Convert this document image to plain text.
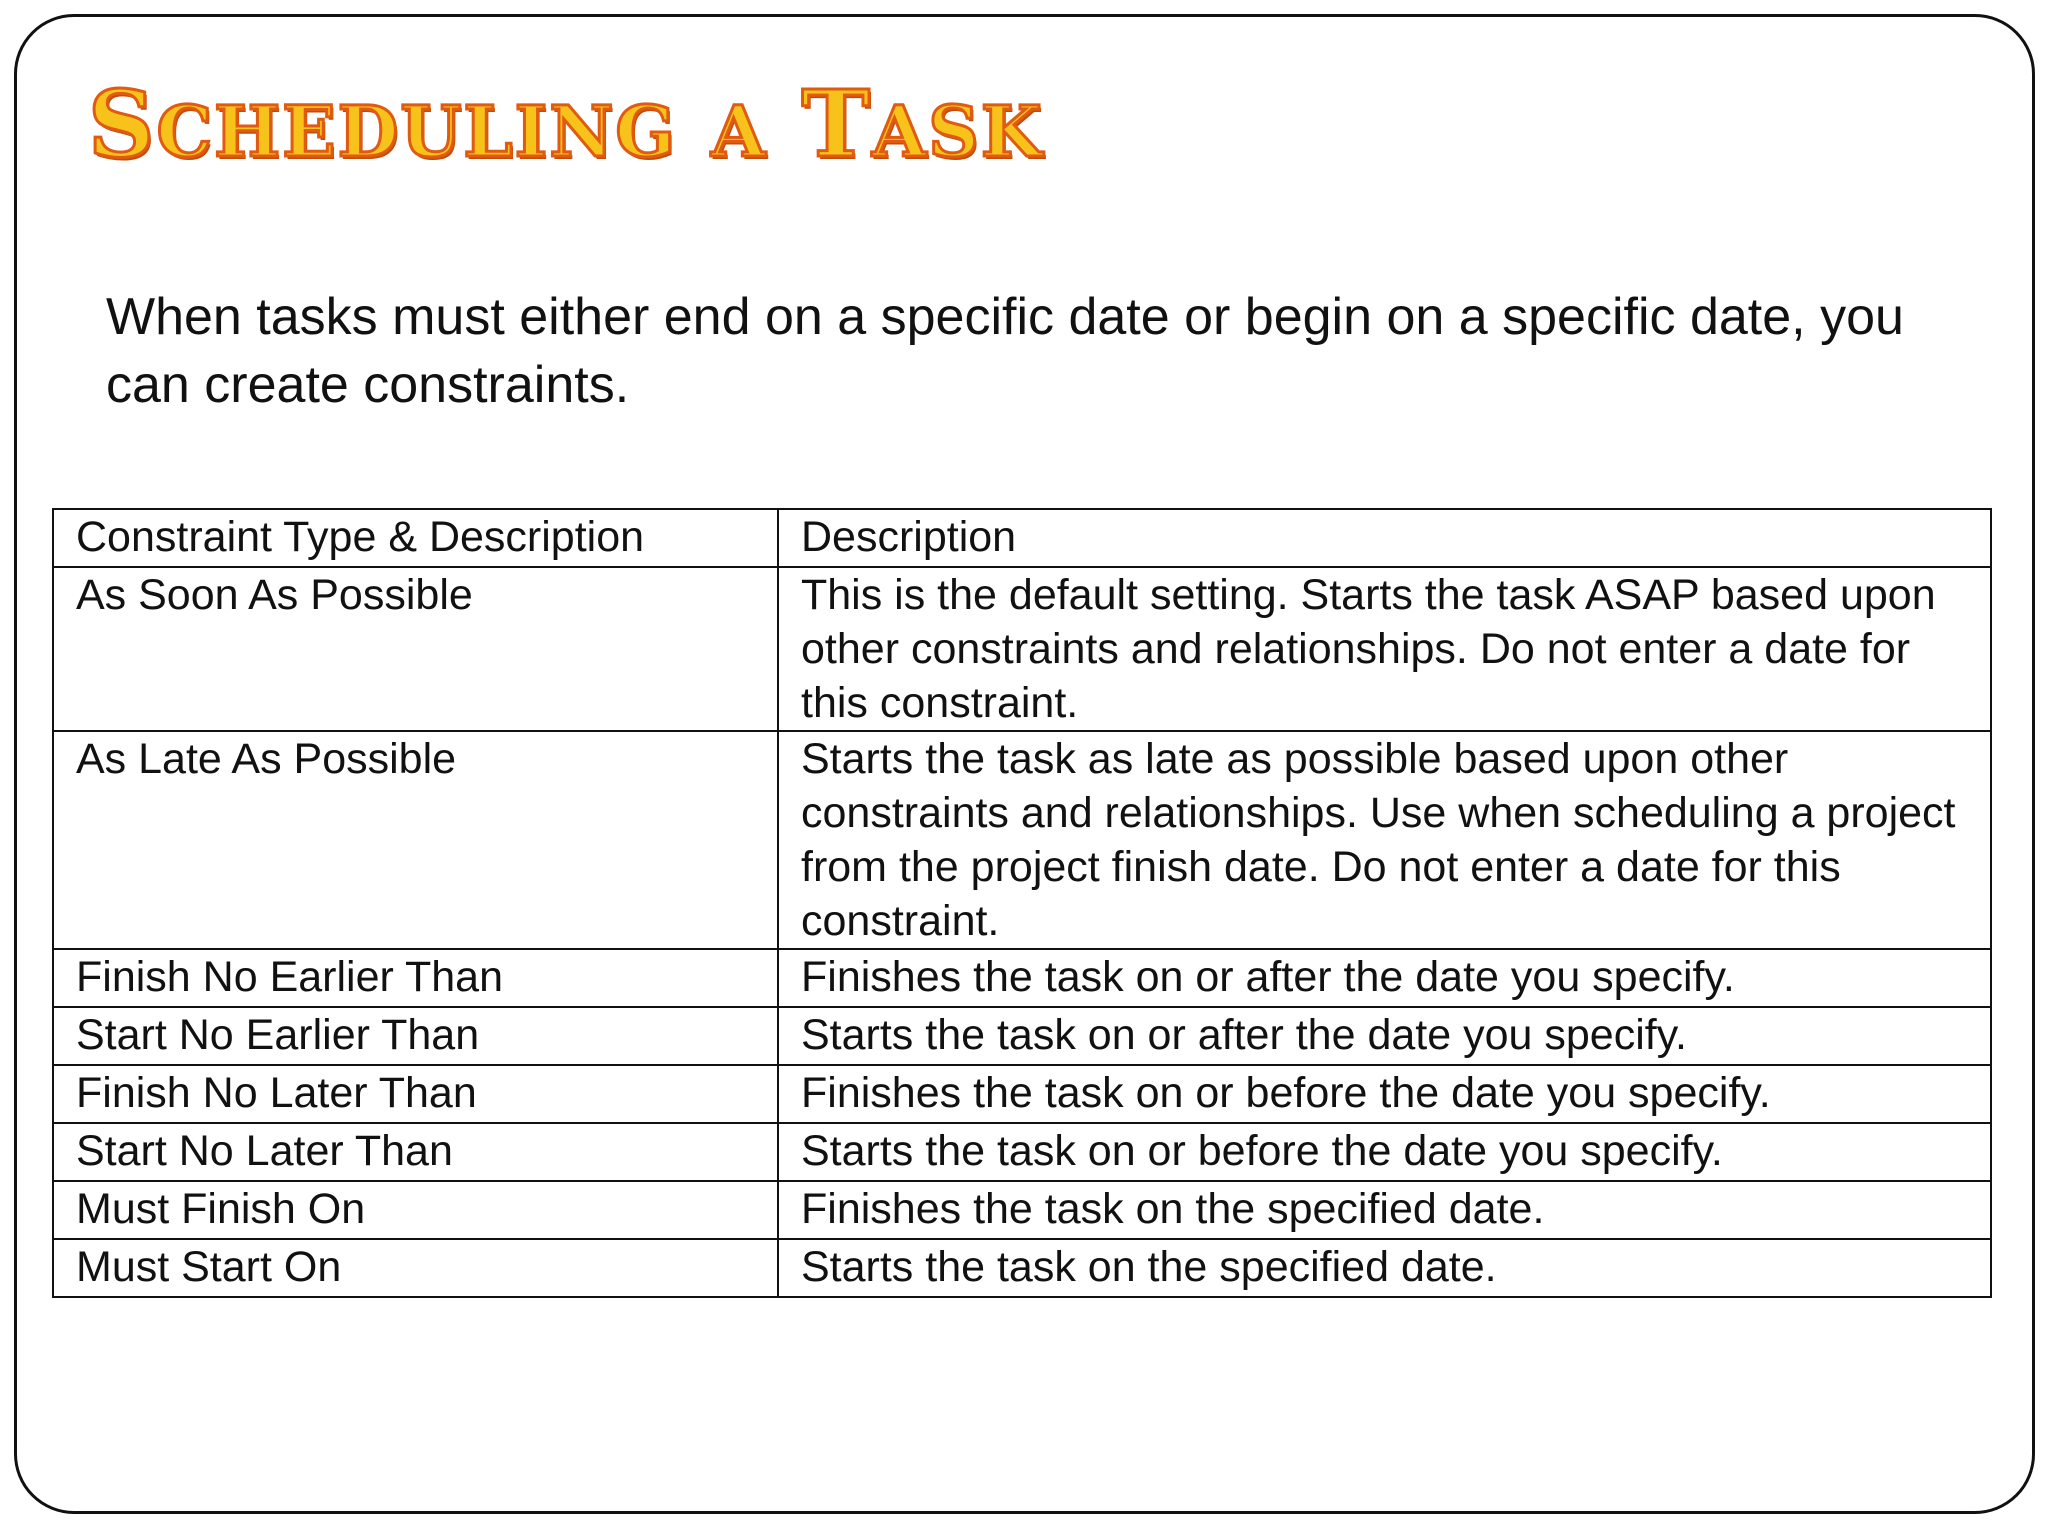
SCHEDULING A TASK
When tasks must either end on a specific date or begin on a specific date, you can create constraints.
Constraint Type & Description	Description
As Soon As Possible	This is the default setting. Starts the task ASAP based upon other constraints and relationships. Do not enter a date for this constraint.
As Late As Possible	Starts the task as late as possible based upon other constraints and relationships. Use when scheduling a project from the project finish date. Do not enter a date for this constraint.
Finish No Earlier Than	Finishes the task on or after the date you specify.
Start No Earlier Than	Starts the task on or after the date you specify.
Finish No Later Than	Finishes the task on or before the date you specify.
Start No Later Than	Starts the task on or before the date you specify.
Must Finish On	Finishes the task on the specified date.
Must Start On	Starts the task on the specified date.
